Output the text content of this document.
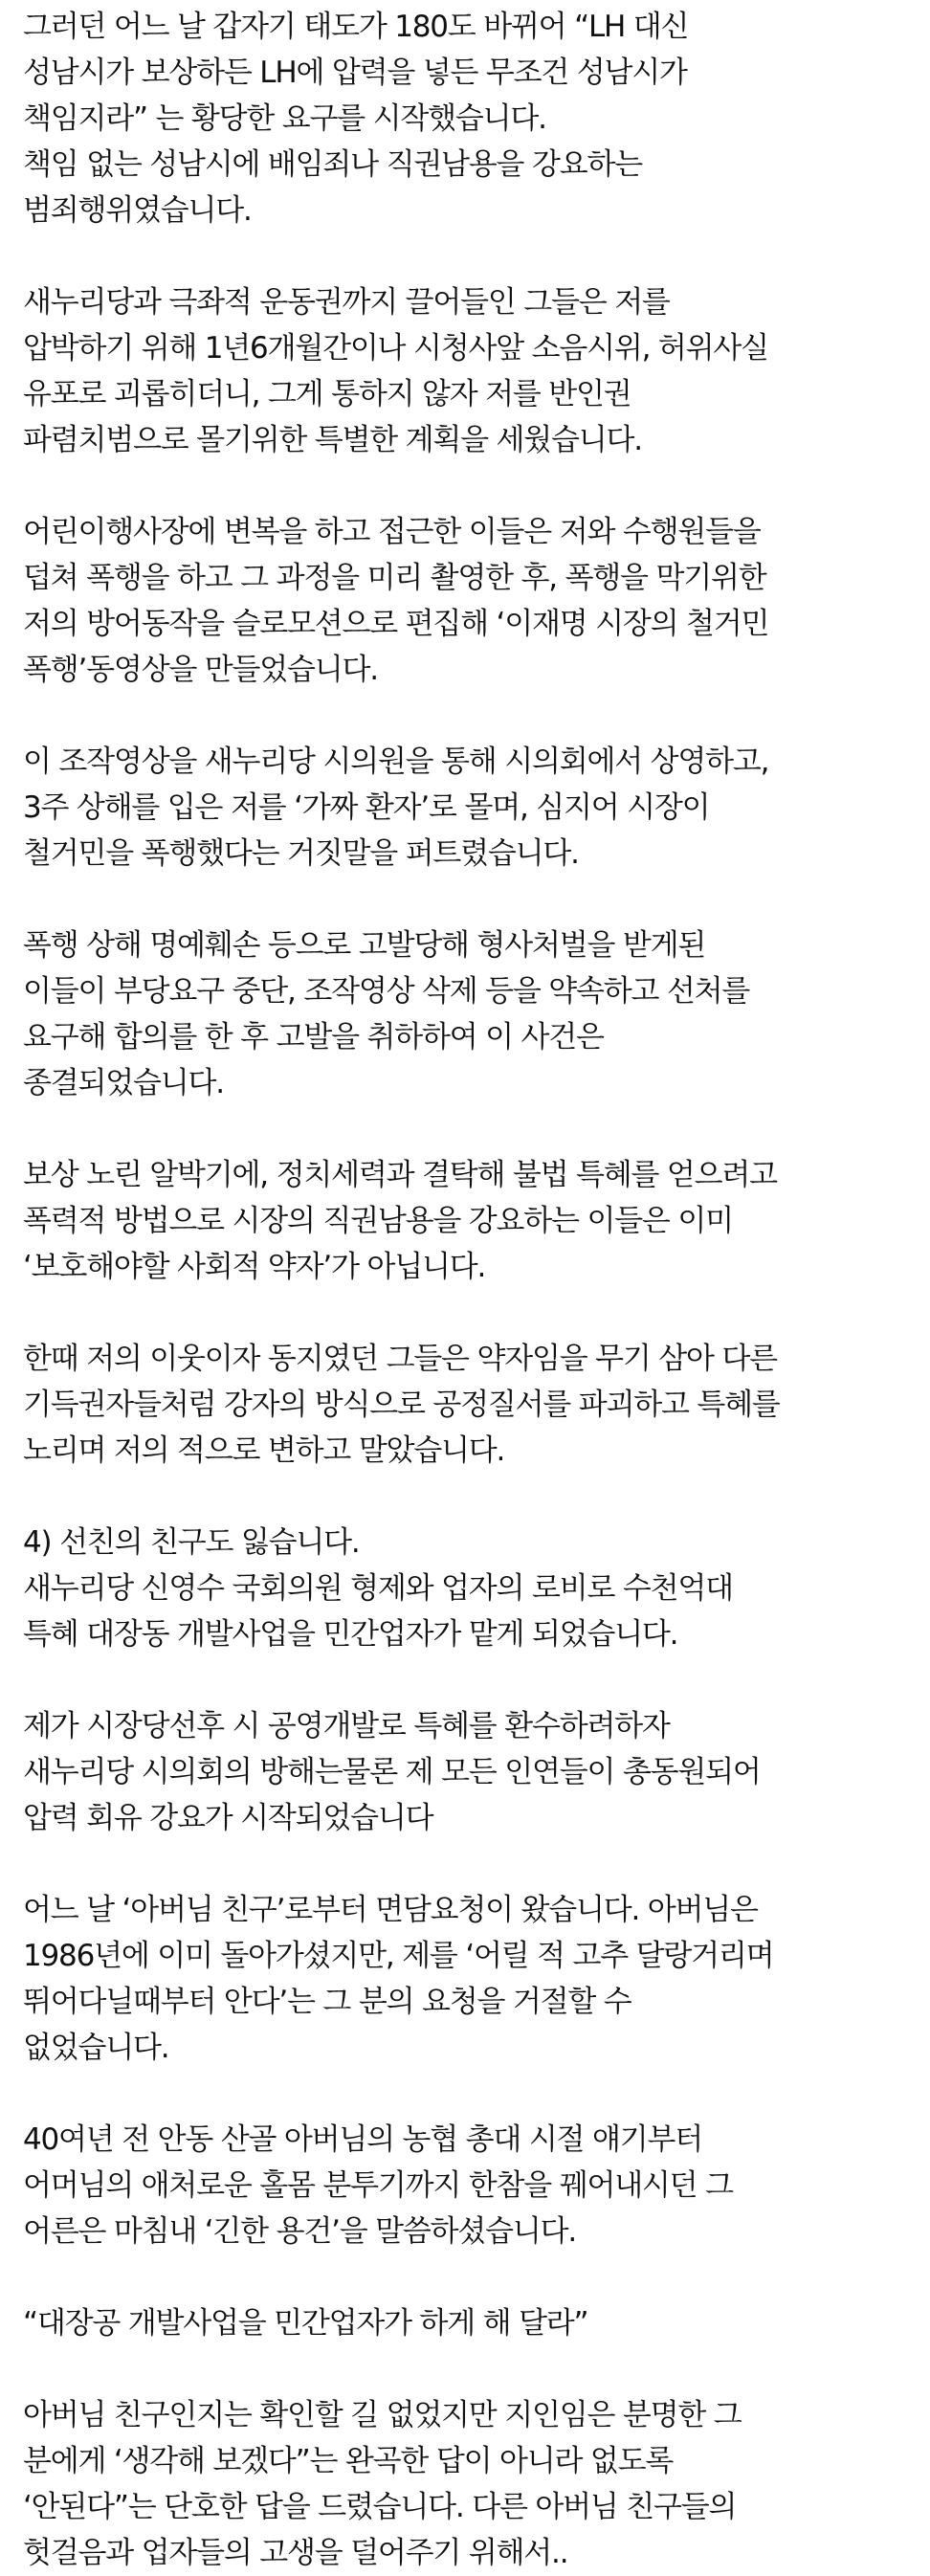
그러던 어느 날 갑자기 태도가 180도 바뀌어 “LH 대신
성남시가 보상하든 LH에 압력을 넣든 무조건 성남시가
책임지라” 는 황당한 요구를 시작했습니다.
책임 없는 성남시에 배임죄나 직권남용을 강요하는
범죄행위였습니다.
새누리당과 극좌적 운동권까지 끌어들인 그들은 저를
압박하기 위해 1년6개월간이나 시청사앞 소음시위, 허위사실
유포로 괴롭히더니, 그게 통하지 않자 저를 반인권
파렴치범으로 몰기위한 특별한 계획을 세웠습니다.
어린이행사장에 변복을 하고 접근한 이들은 저와 수행원들을
덥쳐 폭행을 하고 그 과정을 미리 촬영한 후, 폭행을 막기위한
저의 방어동작을 슬로모션으로 편집해 ‘이재명 시장의 철거민
폭행’동영상을 만들었습니다.
이 조작영상을 새누리당 시의원을 통해 시의회에서 상영하고,
3주 상해를 입은 저를 ‘가짜 환자’로 몰며, 심지어 시장이
철거민을 폭행했다는 거짓말을 퍼트렸습니다.
폭행 상해 명예훼손 등으로 고발당해 형사처벌을 받게된
이들이 부당요구 중단, 조작영상 삭제 등을 약속하고 선처를
요구해 합의를 한 후 고발을 취하하여 이 사건은
종결되었습니다.
보상 노린 알박기에, 정치세력과 결탁해 불법 특혜를 얻으려고
폭력적 방법으로 시장의 직권남용을 강요하는 이들은 이미
‘보호해야할 사회적 약자’가 아닙니다.
한때 저의 이웃이자 동지였던 그들은 약자임을 무기 삼아 다른
기득권자들처럼 강자의 방식으로 공정질서를 파괴하고 특혜를
노리며 저의 적으로 변하고 말았습니다.
4) 선친의 친구도 잃습니다.
새누리당 신영수 국회의원 형제와 업자의 로비로 수천억대
특혜 대장동 개발사업을 민간업자가 맡게 되었습니다.
제가 시장당선후 시 공영개발로 특혜를 환수하려하자
새누리당 시의회의 방해는물론 제 모든 인연들이 총동원되어
압력 회유 강요가 시작되었습니다
어느 날 ‘아버님 친구’로부터 면담요청이 왔습니다. 아버님은
1986년에 이미 돌아가셨지만, 제를 ‘어릴 적 고추 달랑거리며
뛰어다닐때부터 안다’는 그 분의 요청을 거절할 수
없었습니다.
40여년 전 안동 산골 아버님의 농협 총대 시절 얘기부터
어머님의 애처로운 홀몸 분투기까지 한참을 꿰어내시던 그
어른은 마침내 ‘긴한 용건’을 말씀하셨습니다.
“대장공 개발사업을 민간업자가 하게 해 달라”
아버님 친구인지는 확인할 길 없었지만 지인임은 분명한 그
분에게 ‘생각해 보겠다”는 완곡한 답이 아니라 없도록
‘안된다”는 단호한 답을 드렸습니다. 다른 아버님 친구들의
헛걸음과 업자들의 고생을 덜어주기 위해서..
